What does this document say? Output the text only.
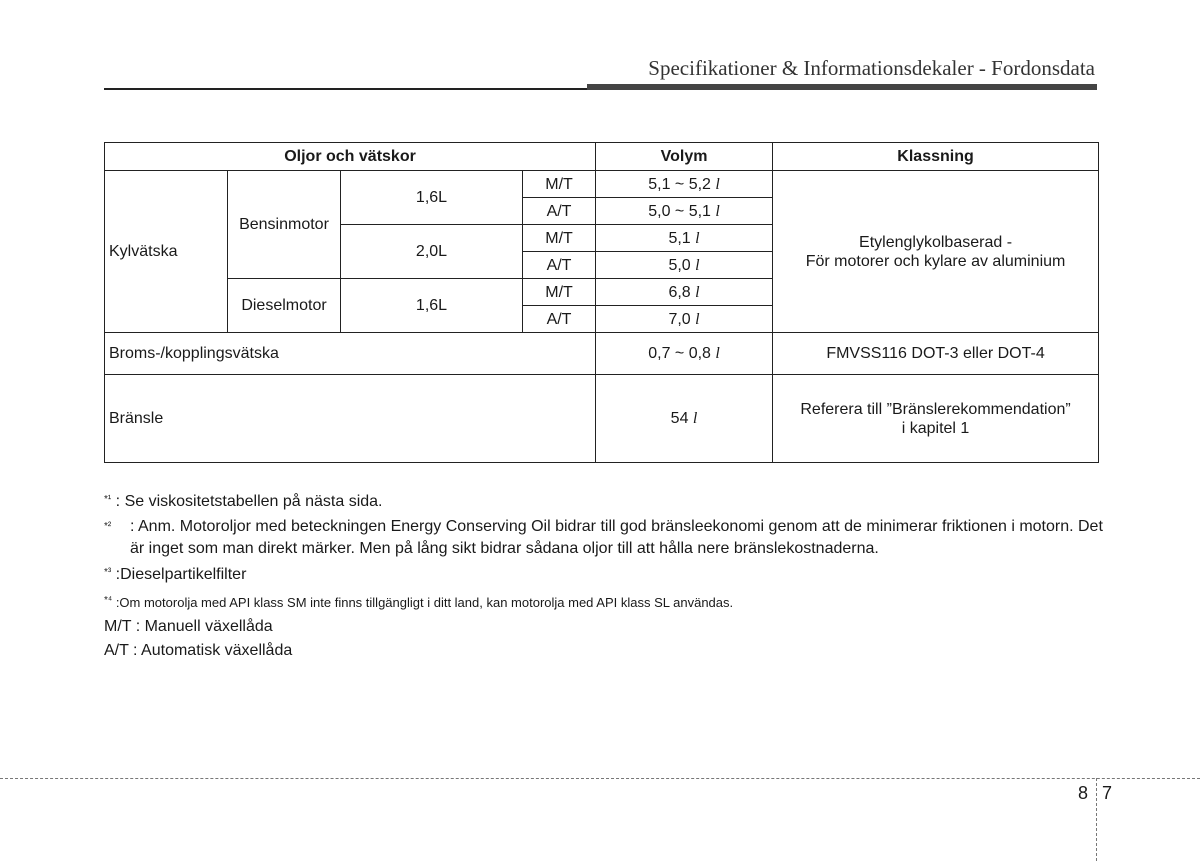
Specifikationer & Informationsdekaler - Fordonsdata
Oljor och vätskor				Volym	Klassning
Kylvätska	Bensinmotor	1,6L	M/T	5,1 ~ 5,2 l	Etylenglykolbaserad -
För motorer och kylare av aluminium

			A/T	5,0 ~ 5,1 l	
		2,0L	M/T	5,1 l	
			A/T	5,0 l	
	Dieselmotor	1,6L	M/T	6,8 l	
			A/T	7,0 l	
Broms-/kopplingsvätska				0,7 ~ 0,8 l	FMVSS116 DOT-3 eller DOT-4
Bränsle				54 l	Referera till ”Bränslerekommendation”
i kapitel 1

$^{*^1}$ : Se viskositetstabellen på nästa sida.

$^{*^2}$ : Anm. Motoroljor med beteckningen Energy Conserving Oil bidrar till god bränsleekonomi genom att de minimerar friktionen i motorn. Det är inget som man direkt märker. Men på lång sikt bidrar sådana oljor till att hålla nere bränslekostnaderna.

$^{*^3}$ :Dieselpartikelfilter

$^{*^4}$ :Om motorolja med API klass SM inte finns tillgängligt i ditt land, kan motorolja med API klass SL användas.

M/T : Manuell växellåda

A/T : Automatisk växellåda

8 7
